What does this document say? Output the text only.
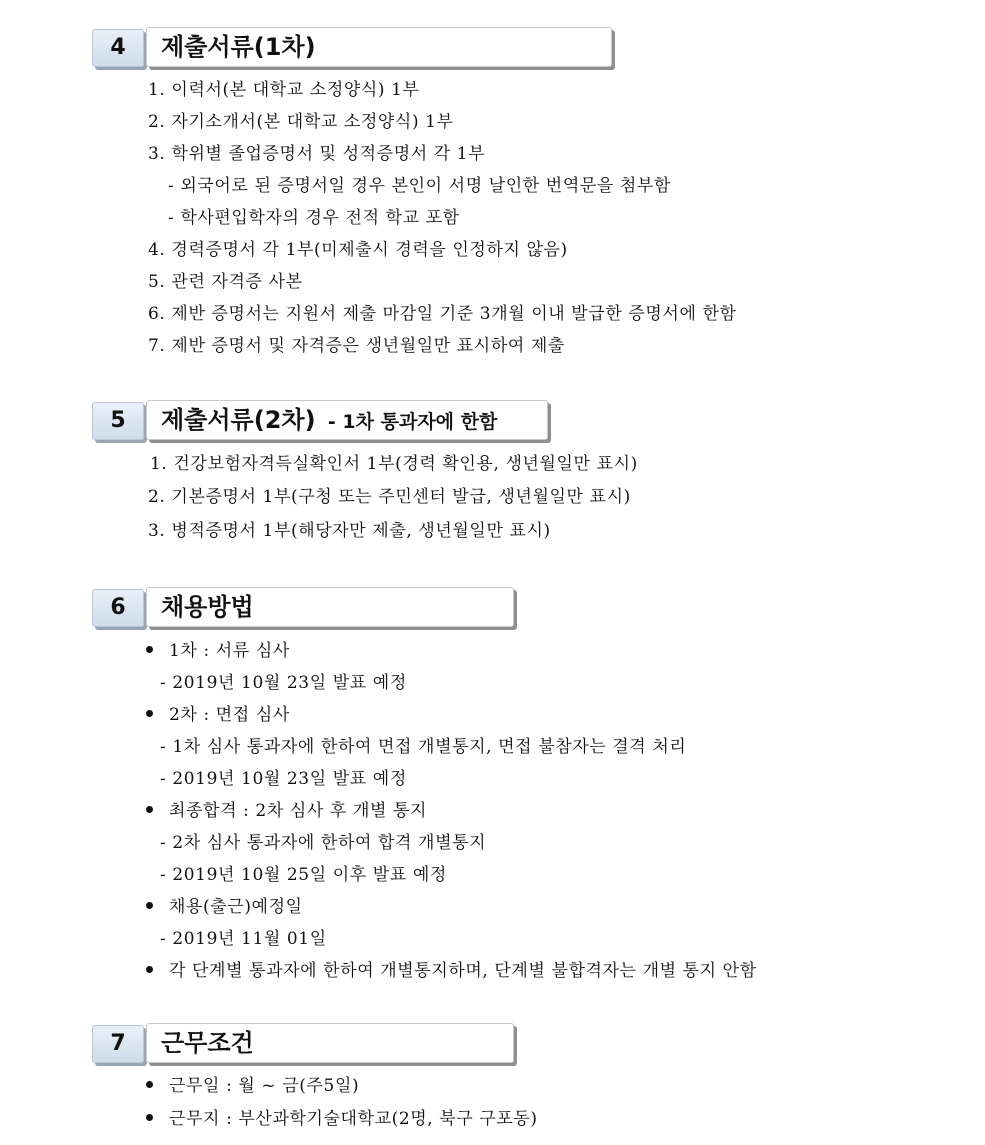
4	제출서류(1차)
1. 이력서(본 대학교 소정양식) 1부
2. 자기소개서(본 대학교 소정양식) 1부
3. 학위별 졸업증명서 및 성적증명서 각 1부
- 외국어로 된 증명서일 경우 본인이 서명 날인한 번역문을 첨부함
- 학사편입학자의 경우 전적 학교 포함
4. 경력증명서 각 1부(미제출시 경력을 인정하지 않음)
5. 관련 자격증 사본
6. 제반 증명서는 지원서 제출 마감일 기준 3개월 이내 발급한 증명서에 한함
7. 제반 증명서 및 자격증은 생년월일만 표시하여 제출
5	제출서류(2차) - 1차 통과자에 한함
1. 건강보험자격득실확인서 1부(경력 확인용, 생년월일만 표시)
2. 기본증명서 1부(구청 또는 주민센터 발급, 생년월일만 표시)
3. 병적증명서 1부(해당자만 제출, 생년월일만 표시)
6	채용방법
1차 : 서류 심사
- 2019년 10월 23일 발표 예정
2차 : 면접 심사
- 1차 심사 통과자에 한하여 면접 개별통지, 면접 불참자는 결격 처리
- 2019년 10월 23일 발표 예정
최종합격 : 2차 심사 후 개별 통지
- 2차 심사 통과자에 한하여 합격 개별통지
- 2019년 10월 25일 이후 발표 예정
채용(출근)예정일
- 2019년 11월 01일
각 단계별 통과자에 한하여 개별통지하며, 단계별 불합격자는 개별 통지 안함
7	근무조건
근무일 : 월 ~ 금(주5일)
근무지 : 부산과학기술대학교(2명, 북구 구포동)
